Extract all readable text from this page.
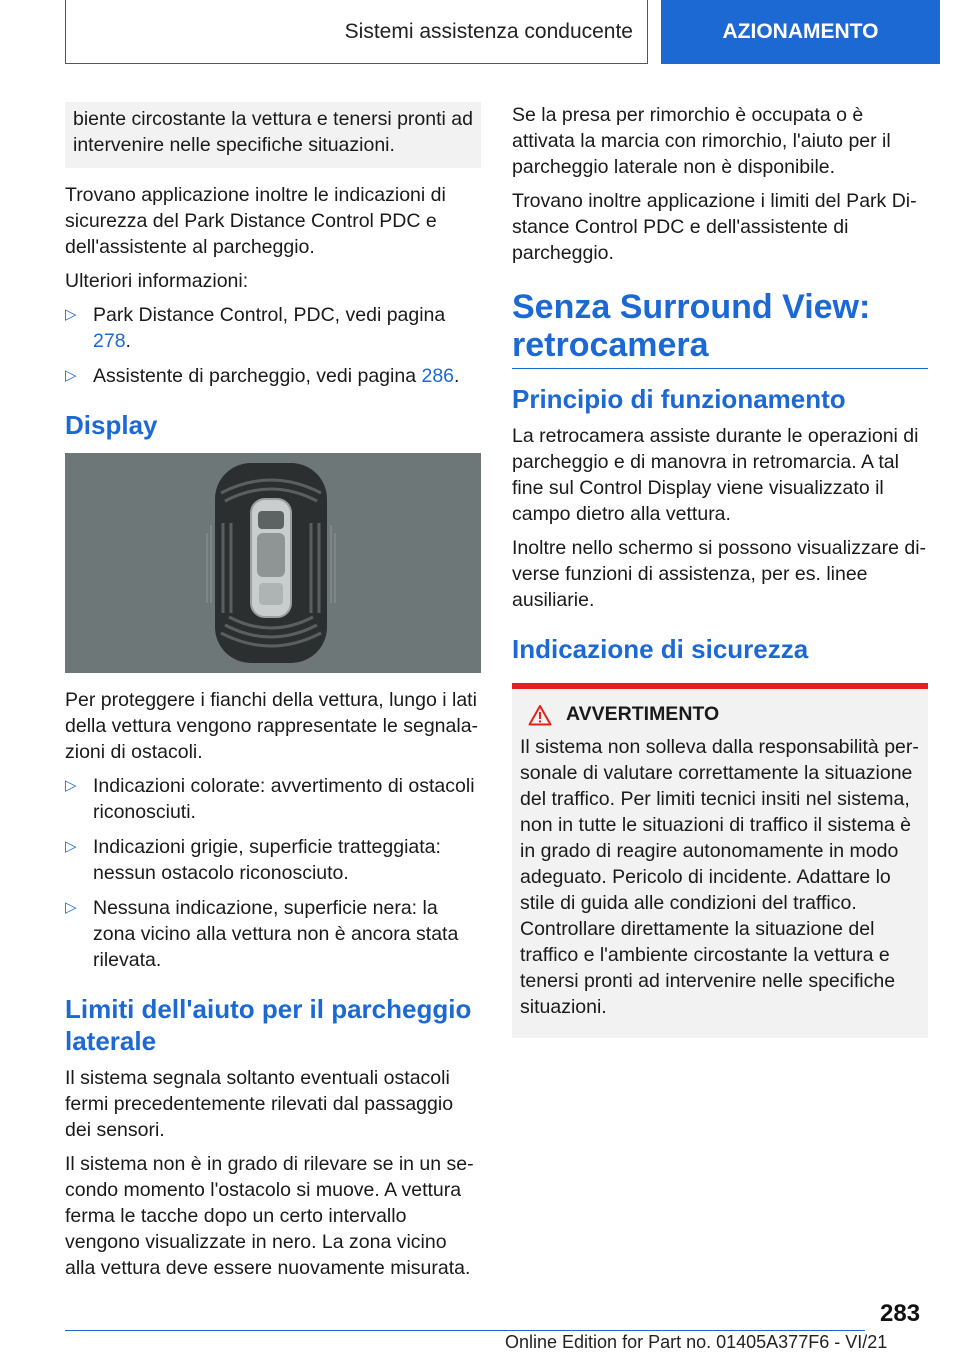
Sistemi assistenza conducente	AZIONAMENTO

biente circostante la vettura e tenersi pronti ad intervenire nelle specifiche situazioni.

Trovano applicazione inoltre le indicazioni di sicurezza del Park Distance Control PDC e dell'assistente al parcheggio.

Ulteriori informazioni:

▷ Park Distance Control, PDC, vedi pagina 278.
▷ Assistente di parcheggio, vedi pagina 286.
Display

Per proteggere i fianchi della vettura, lungo i lati della vettura vengono rappresentate le segnalazioni di ostacoli.

▷ Indicazioni colorate: avvertimento di ostacoli riconosciuti.
▷ Indicazioni grigie, superficie tratteggiata: nessun ostacolo riconosciuto.
▷ Nessuna indicazione, superficie nera: la zona vicino alla vettura non è ancora stata rilevata.
Limiti dell'aiuto per il parcheggio laterale

Il sistema segnala soltanto eventuali ostacoli fermi precedentemente rilevati dal passaggio dei sensori.

Il sistema non è in grado di rilevare se in un secondo momento l'ostacolo si muove. A vettura ferma le tacche dopo un certo intervallo vengono visualizzate in nero. La zona vicino alla vettura deve essere nuovamente misurata.

Se la presa per rimorchio è occupata o è attivata la marcia con rimorchio, l'aiuto per il parcheggio laterale non è disponibile.

Trovano inoltre applicazione i limiti del Park Distance Control PDC e dell'assistente di parcheggio.

Senza Surround View: retrocamera
Principio di funzionamento

La retrocamera assiste durante le operazioni di parcheggio e di manovra in retromarcia. A tal fine sul Control Display viene visualizzato il campo dietro alla vettura.

Inoltre nello schermo si possono visualizzare diverse funzioni di assistenza, per es. linee ausiliarie.

Indicazione di sicurezza
AVVERTIMENTO

Il sistema non solleva dalla responsabilità personale di valutare correttamente la situazione del traffico. Per limiti tecnici insiti nel sistema, non in tutte le situazioni di traffico il sistema è in grado di reagire autonomamente in modo adeguato. Pericolo di incidente. Adattare lo stile di guida alle condizioni del traffico. Controllare direttamente la situazione del traffico e l'ambiente circostante la vettura e tenersi pronti ad intervenire nelle specifiche situazioni.

283
Online Edition for Part no. 01405A377F6 - VI/21
